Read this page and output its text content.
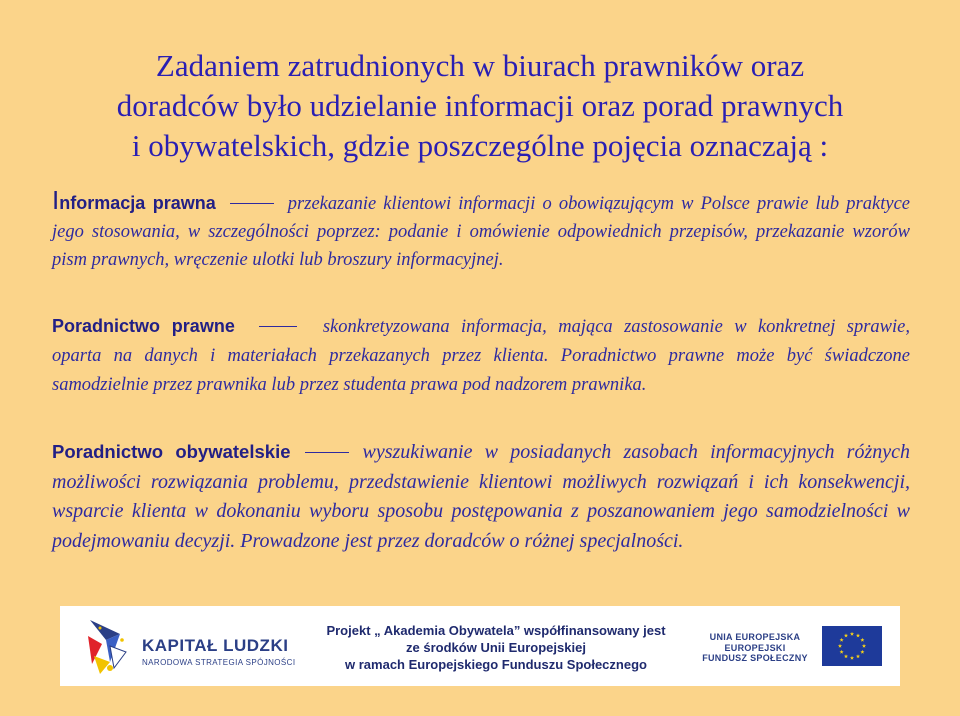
Zadaniem zatrudnionych w biurach prawników oraz
doradców było udzielanie informacji oraz porad prawnych
i obywatelskich, gdzie poszczególne pojęcia oznaczają :
Informacja prawna	przekazanie klientowi informacji o obowiązującym w Polsce prawie lub praktyce jego stosowania, w szczególności poprzez: podanie i omówienie odpowiednich przepisów, przekazanie wzorów pism prawnych, wręczenie ulotki lub broszury informacyjnej.
Poradnictwo prawne	skonkretyzowana informacja, mająca zastosowanie w konkretnej sprawie, oparta na danych i materiałach przekazanych przez klienta. Poradnictwo prawne może być świadczone samodzielnie przez prawnika lub przez studenta prawa pod nadzorem prawnika.
Poradnictwo obywatelskie	wyszukiwanie w posiadanych zasobach informacyjnych różnych możliwości rozwiązania problemu, przedstawienie klientowi możliwych rozwiązań i ich konsekwencji, wsparcie klienta w dokonaniu wyboru sposobu postępowania z poszanowaniem jego samodzielności w podejmowaniu decyzji. Prowadzone jest przez doradców o różnej specjalności.
KAPITAŁ LUDZKI
NARODOWA STRATEGIA SPÓJNOŚCI
Projekt „ Akademia Obywatela” współfinansowany jest
ze środków Unii Europejskiej
w ramach Europejskiego Funduszu Społecznego
UNIA EUROPEJSKA
EUROPEJSKI
FUNDUSZ SPOŁECZNY
